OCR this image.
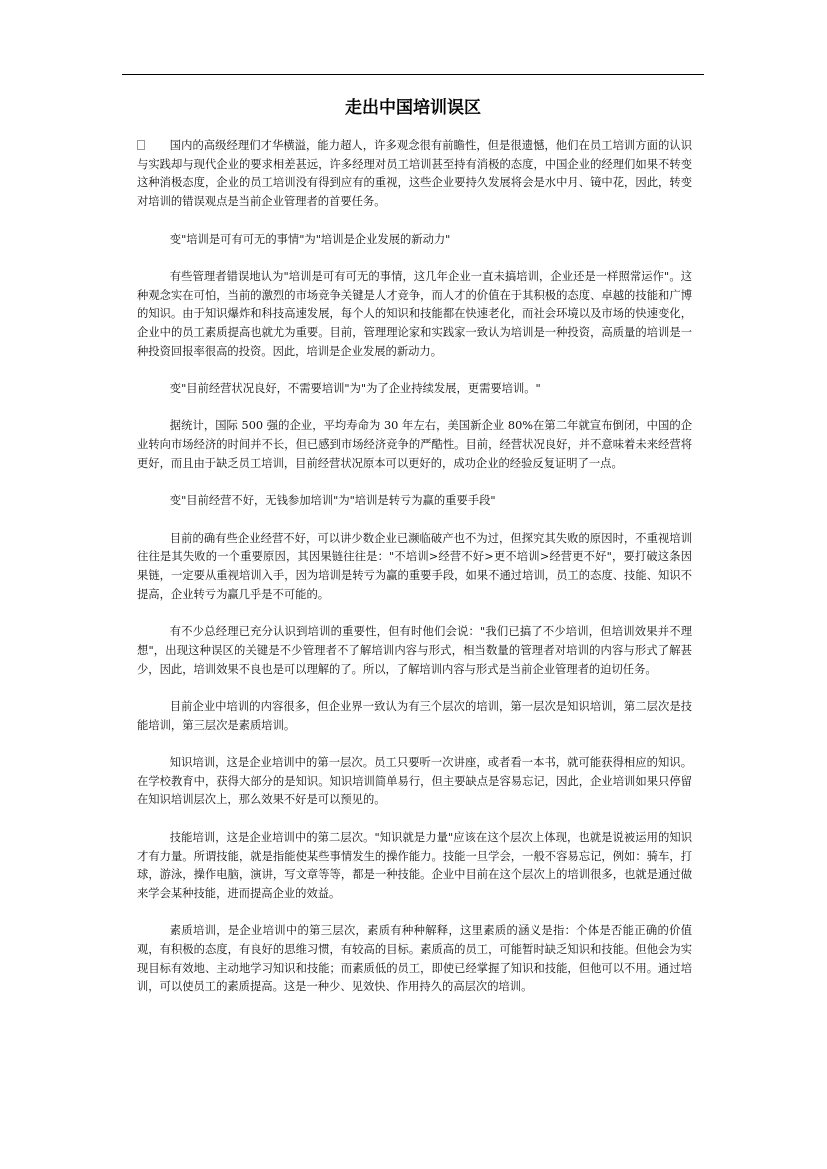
走出中国培训误区

国内的高级经理们才华横溢，能力超人，许多观念很有前瞻性，但是很遗憾，他们在员工培训方面的认识与实践却与现代企业的要求相差甚远，许多经理对员工培训甚至持有消极的态度，中国企业的经理们如果不转变这种消极态度，企业的员工培训没有得到应有的重视，这些企业要持久发展将会是水中月、镜中花，因此，转变对培训的错误观点是当前企业管理者的首要任务。

变"培训是可有可无的事情"为"培训是企业发展的新动力"

有些管理者错误地认为"培训是可有可无的事情，这几年企业一直未搞培训，企业还是一样照常运作"。这种观念实在可怕，当前的激烈的市场竞争关键是人才竞争，而人才的价值在于其积极的态度、卓越的技能和广博的知识。由于知识爆炸和科技高速发展，每个人的知识和技能都在快速老化，而社会环境以及市场的快速变化，企业中的员工素质提高也就尤为重要。目前，管理理论家和实践家一致认为培训是一种投资，高质量的培训是一种投资回报率很高的投资。因此，培训是企业发展的新动力。

变"目前经营状况良好，不需要培训"为"为了企业持续发展，更需要培训。"

据统计，国际 500 强的企业，平均寿命为 30 年左右，美国新企业 80%在第二年就宣布倒闭，中国的企业转向市场经济的时间并不长，但已感到市场经济竞争的严酷性。目前，经营状况良好，并不意味着未来经营将更好，而且由于缺乏员工培训，目前经营状况原本可以更好的，成功企业的经验反复证明了一点。

变"目前经营不好，无钱参加培训"为"培训是转亏为赢的重要手段"

目前的确有些企业经营不好，可以讲少数企业已濒临破产也不为过，但探究其失败的原因时，不重视培训往往是其失败的一个重要原因，其因果链往往是："不培训>经营不好>更不培训>经营更不好"，要打破这条因果链，一定要从重视培训入手，因为培训是转亏为赢的重要手段，如果不通过培训，员工的态度、技能、知识不提高，企业转亏为赢几乎是不可能的。

有不少总经理已充分认识到培训的重要性，但有时他们会说："我们已搞了不少培训，但培训效果并不理想"，出现这种误区的关键是不少管理者不了解培训内容与形式，相当数量的管理者对培训的内容与形式了解甚少，因此，培训效果不良也是可以理解的了。所以，了解培训内容与形式是当前企业管理者的迫切任务。

目前企业中培训的内容很多，但企业界一致认为有三个层次的培训，第一层次是知识培训，第二层次是技能培训，第三层次是素质培训。

知识培训，这是企业培训中的第一层次。员工只要听一次讲座，或者看一本书，就可能获得相应的知识。在学校教育中，获得大部分的是知识。知识培训简单易行，但主要缺点是容易忘记，因此，企业培训如果只停留在知识培训层次上，那么效果不好是可以预见的。

技能培训，这是企业培训中的第二层次。"知识就是力量"应该在这个层次上体现，也就是说被运用的知识才有力量。所谓技能，就是指能使某些事情发生的操作能力。技能一旦学会，一般不容易忘记，例如：骑车，打球，游泳，操作电脑，演讲，写文章等等，都是一种技能。企业中目前在这个层次上的培训很多，也就是通过做来学会某种技能，进而提高企业的效益。

素质培训，是企业培训中的第三层次，素质有种种解释，这里素质的涵义是指：个体是否能正确的价值观，有积极的态度，有良好的思维习惯，有较高的目标。素质高的员工，可能暂时缺乏知识和技能。但他会为实现目标有效地、主动地学习知识和技能；而素质低的员工，即使已经掌握了知识和技能，但他可以不用。通过培训，可以使员工的素质提高。这是一种少、见效快、作用持久的高层次的培训。
